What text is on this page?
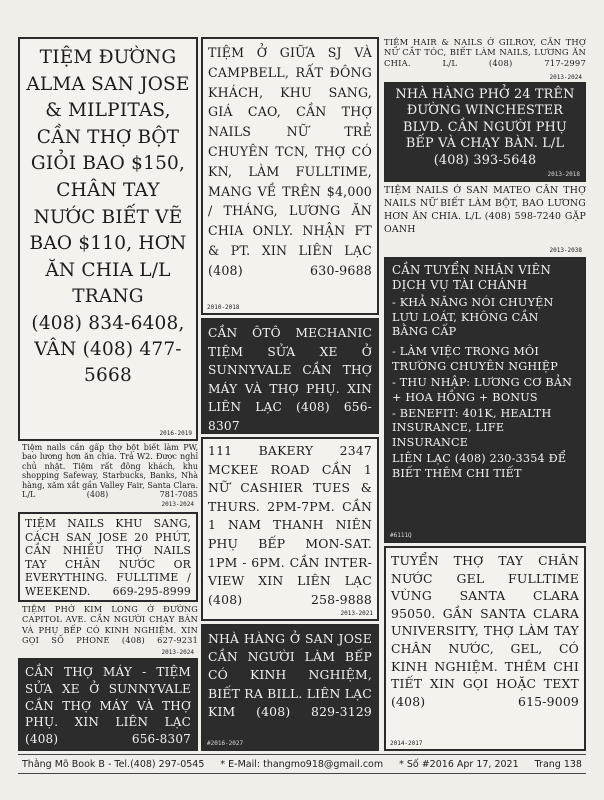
TIỆM ĐƯỜNG ALMA SAN JOSE & MILPITAS, CẦN THỢ BỘT GIỎI BAO $150, CHÂN TAY NƯỚC BIẾT VẼ BAO $110, HƠN ĂN CHIA L/L TRANG
(408) 834-6408,
VÂN (408) 477-5668
2016-2019
Tiệm nails cần gấp thợ bột biết làm PW, bao lương hơn ăn chia. Trả W2. Được nghỉ chủ nhật. Tiệm rất đông khách, khu shopping Safeway, Starbucks, Banks, Nhà hàng, xăm xắt gần Valley Fair, Santa Clara. L/L (408) 781-7085
2013-2024
TIỆM NAILS KHU SANG, CÁCH SAN JOSE 20 PHÚT, CẦN NHIỀU THỢ NAILS TAY CHÂN NƯỚC OR EVERYTHING. FULLTIME / WEEKEND. 669-295-8999
TIỆM PHỞ KIM LONG Ở ĐƯỜNG CAPITOL AVE. CẦN NGƯỜI CHẠY BÀN VÀ PHỤ BẾP CÓ KINH NGHIỆM. XIN GỌI SỐ PHONE (408) 627-9231
2013-2024
CẦN THỢ MÁY - TIỆM SỬA XE Ở SUNNYVALE CẦN THỢ MÁY VÀ THỢ PHỤ. XIN LIÊN LẠC (408) 656-8307
TIỆM Ở GIỮA SJ VÀ CAMPBELL, RẤT ĐÔNG KHÁCH, KHU SANG, GIÁ CAO, CẦN THỢ NAILS NỮ TRẺ CHUYÊN TCN, THỢ CÓ KN, LÀM FULLTIME, MANG VỀ TRÊN $4,000 / THÁNG, LƯƠNG ĂN CHIA ONLY. NHẬN FT & PT. XIN LIÊN LẠC (408) 630-9688
2010-2018
CẦN ÔTÔ MECHANIC TIỆM SỬA XE Ở SUNNYVALE CẦN THỢ MÁY VÀ THỢ PHỤ. XIN LIÊN LẠC (408) 656-8307
111 BAKERY 2347 MCKEE ROAD CẦN 1 NỮ CASHIER TUES & THURS. 2PM-7PM. CẦN 1 NAM THANH NIÊN PHỤ BẾP MON-SAT. 1PM - 6PM. CẦN INTER-VIEW XIN LIÊN LẠC (408) 258-9888
2013-2021
NHÀ HÀNG Ở SAN JOSE CẦN NGƯỜI LÀM BẾP CÓ KINH NGHIỆM, BIẾT RA BILL. LIÊN LẠC KIM (408) 829-3129
#2016-2027
TIỆM HAIR & NAILS Ở GILROY, CẦN THỢ NỮ CẮT TÓC, BIẾT LÀM NAILS, LƯƠNG ĂN CHIA. L/L (408) 717-2997
2013-2024
NHÀ HÀNG PHỞ 24 TRÊN ĐƯỜNG WINCHESTER BLVD. CẦN NGƯỜI PHỤ BẾP VÀ CHẠY BÀN. L/L (408) 393-5648
2013-2018
TIỆM NAILS Ở SAN MATEO CẦN THỢ NAILS NỮ BIẾT LÀM BỘT, BAO LƯƠNG HƠN ĂN CHIA. L/L (408) 598-7240 GẶP OANH
2013-2038
CẦN TUYỂN NHÂN VIÊN DỊCH VỤ TÀI CHÁNH
- KHẢ NĂNG NÓI CHUYỆN LƯU LOÁT, KHÔNG CẦN BẰNG CẤP
- LÀM VIỆC TRONG MÔI TRƯỜNG CHUYÊN NGHIỆP
- THU NHẬP: LƯƠNG CƠ BẢN + HOA HỒNG + BONUS
- BENEFIT: 401K, HEALTH INSURANCE, LIFE INSURANCE
LIÊN LẠC (408) 230-3354 ĐỂ BIẾT THÊM CHI TIẾT
#6111Q
TUYỂN THỢ TAY CHÂN NƯỚC GEL FULLTIME VÙNG SANTA CLARA 95050. GẦN SANTA CLARA UNIVERSITY, THỢ LÀM TAY CHÂN NƯỚC, GEL, CÓ KINH NGHIỆM. THÊM CHI TIẾT XIN GỌI HOẶC TEXT (408) 615-9009
2014-2017
Thằng Mõ Book B - Tel.(408) 297-0545 * E-Mail: thangmo918@gmail.com * Số #2016 Apr 17, 2021 Trang 138
